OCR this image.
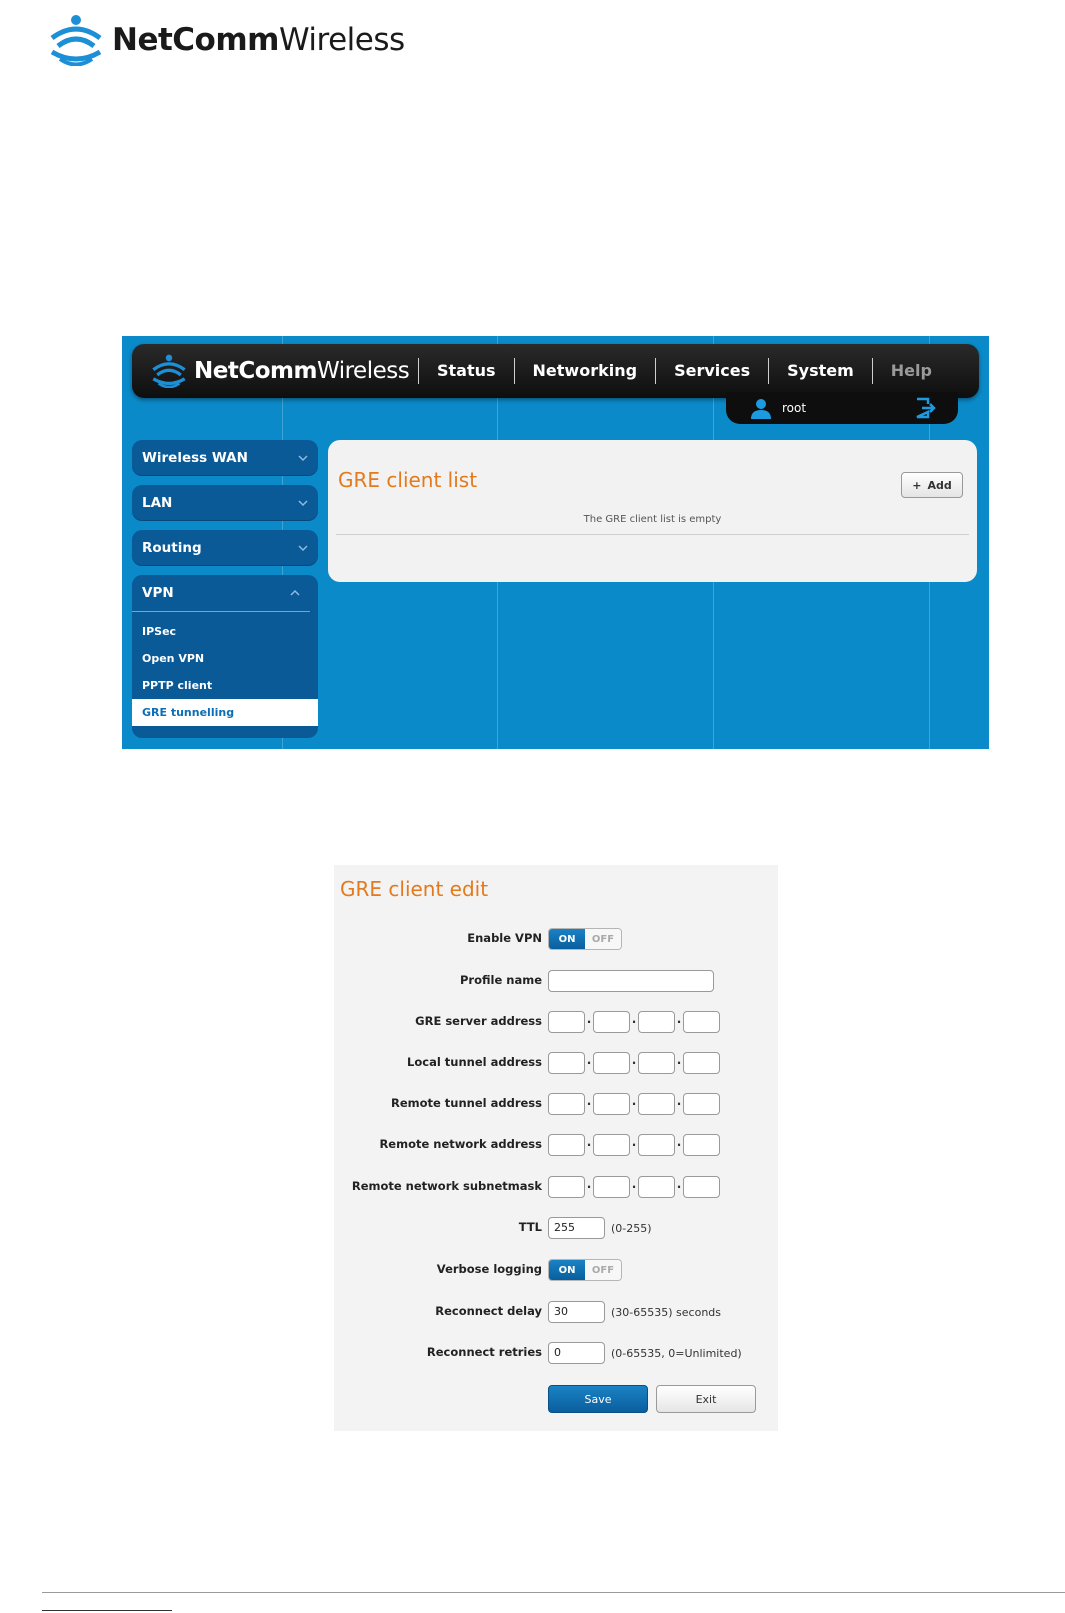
NetCommWireless
NetCommWireless	Status	Networking	Services	System	Help
root
Wireless WAN
LAN
Routing
VPN
IPSec
Open VPN
PPTP client
GRE tunnelling
GRE client list	+ Add
The GRE client list is empty
GRE client edit
Enable VPN	ON	OFF
Profile name
GRE server address	·	·	·
Local tunnel address	·	·	·
Remote tunnel address	·	·	·
Remote network address	·	·	·
Remote network subnetmask	·	·	·
TTL	255	(0-255)
Verbose logging	ON	OFF
Reconnect delay	30	(30-65535) seconds
Reconnect retries	0	(0-65535, 0=Unlimited)
Save	Exit
